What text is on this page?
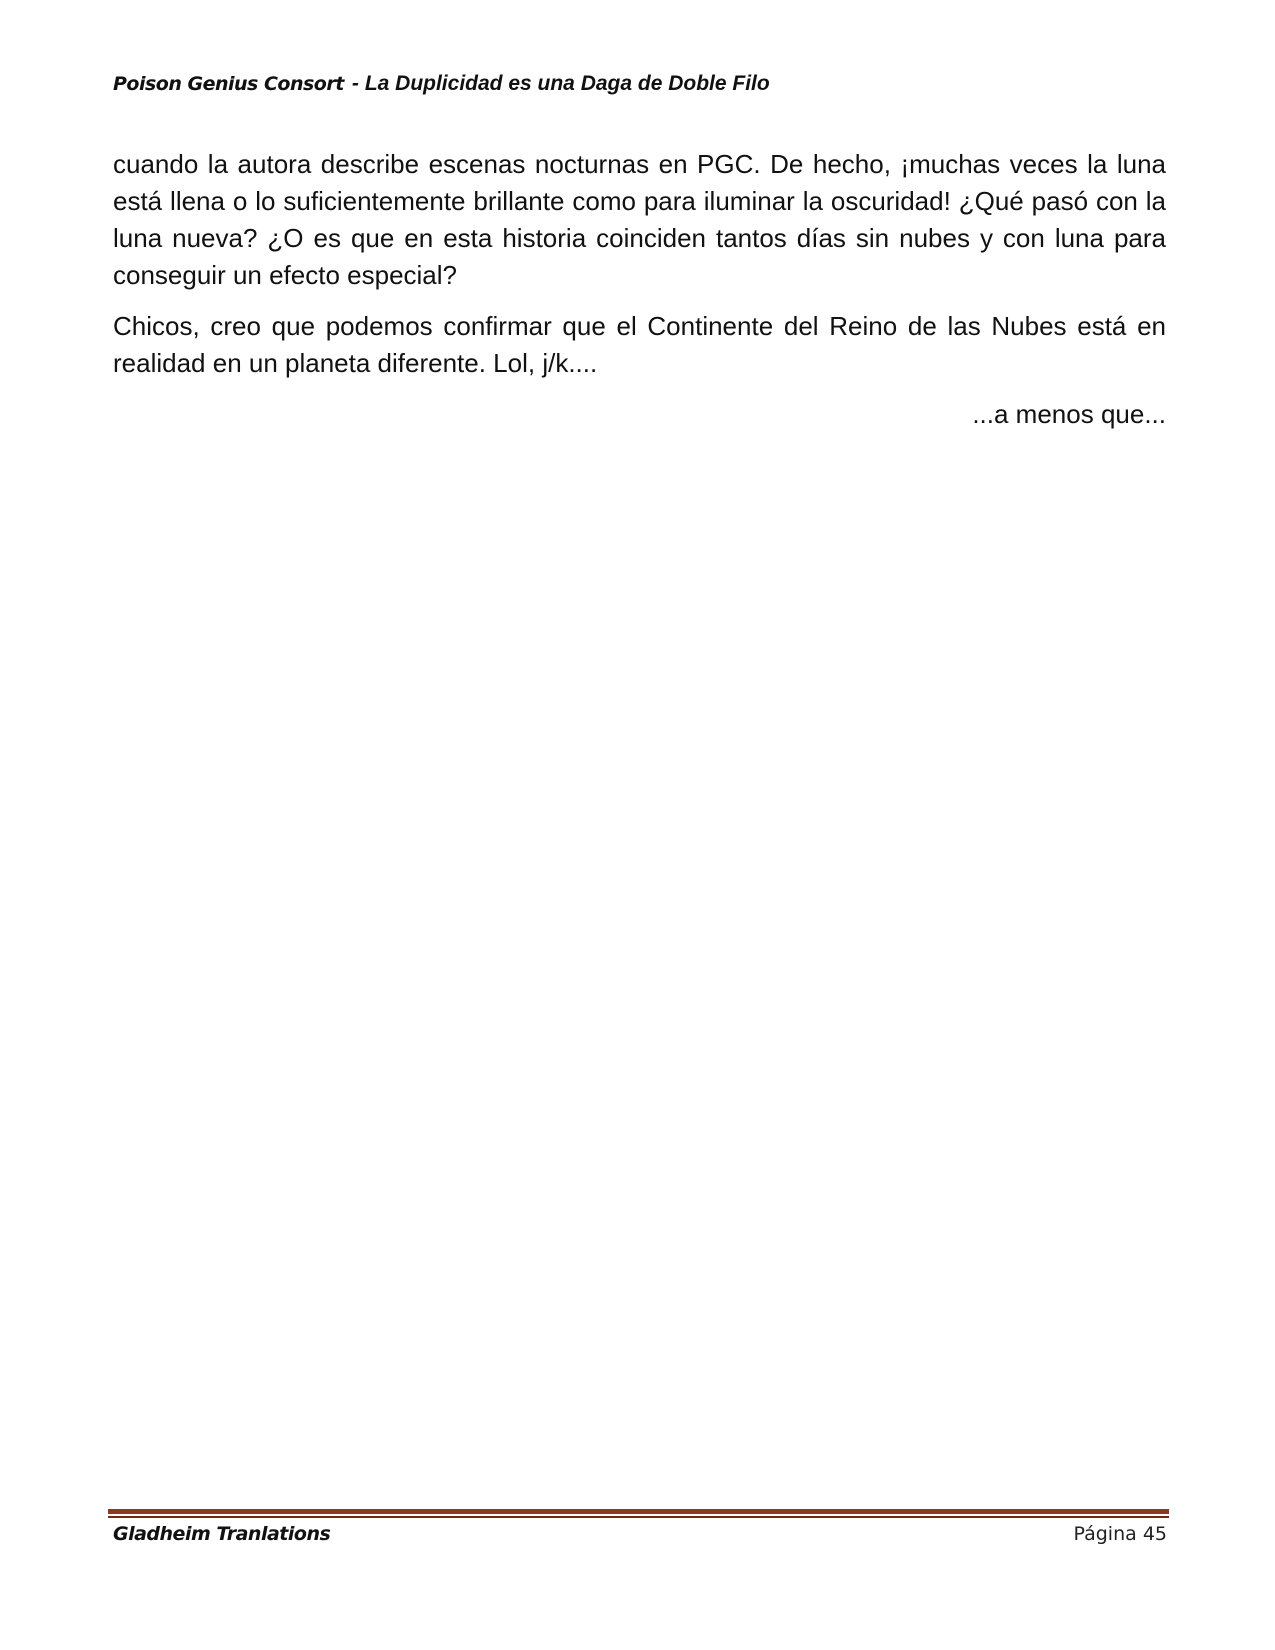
Poison Genius Consort - La Duplicidad es una Daga de Doble Filo

cuando la autora describe escenas nocturnas en PGC. De hecho, ¡muchas veces la luna está llena o lo suficientemente brillante como para iluminar la oscuridad! ¿Qué pasó con la luna nueva? ¿O es que en esta historia coinciden tantos días sin nubes y con luna para conseguir un efecto especial?

Chicos, creo que podemos confirmar que el Continente del Reino de las Nubes está en realidad en un planeta diferente. Lol, j/k....

...a menos que...

Gladheim Tranlations	Página 45
